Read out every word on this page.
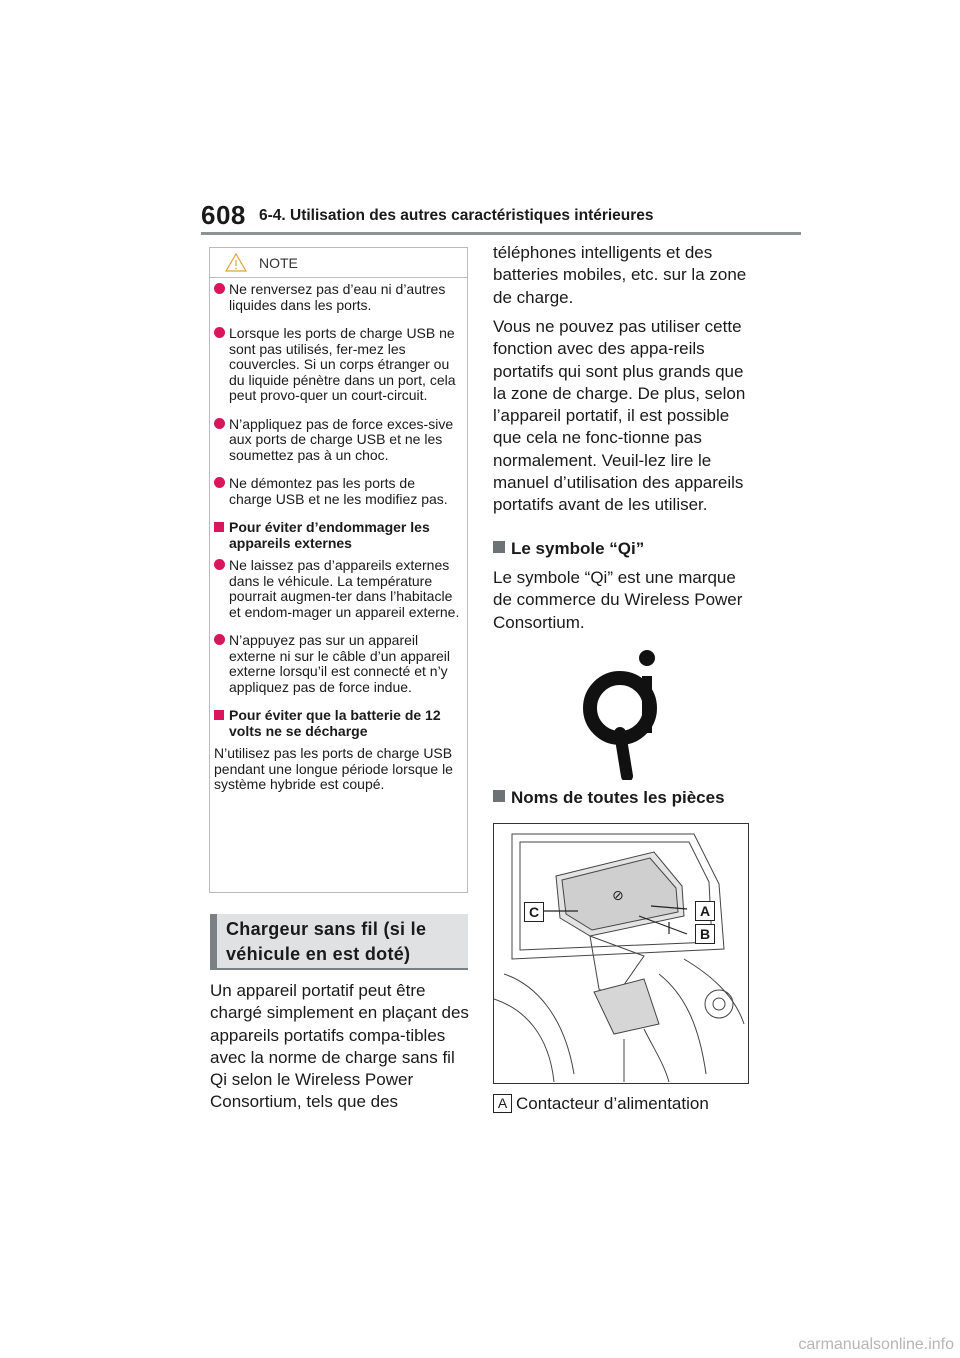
608 6-4. Utilisation des autres caractéristiques intérieures
NOTE
Ne renversez pas d’eau ni d’autres liquides dans les ports.
Lorsque les ports de charge USB ne sont pas utilisés, fer-mez les couvercles. Si un corps étranger ou du liquide pénètre dans un port, cela peut provo-quer un court-circuit.
N’appliquez pas de force exces-sive aux ports de charge USB et ne les soumettez pas à un choc.
Ne démontez pas les ports de charge USB et ne les modifiez pas.
Pour éviter d’endommager les appareils externes
Ne laissez pas d’appareils externes dans le véhicule. La température pourrait augmen-ter dans l’habitacle et endom-mager un appareil externe.
N’appuyez pas sur un appareil externe ni sur le câble d’un appareil externe lorsqu’il est connecté et n’y appliquez pas de force indue.
Pour éviter que la batterie de 12 volts ne se décharge
N’utilisez pas les ports de charge USB pendant une longue période lorsque le système hybride est coupé.
Chargeur sans fil (si le véhicule en est doté)
Un appareil portatif peut être chargé simplement en plaçant des appareils portatifs compa-tibles avec la norme de charge sans fil Qi selon le Wireless Power Consortium, tels que des
téléphones intelligents et des batteries mobiles, etc. sur la zone de charge.
Vous ne pouvez pas utiliser cette fonction avec des appa-reils portatifs qui sont plus grands que la zone de charge. De plus, selon l’appareil portatif, il est possible que cela ne fonc-tionne pas normalement. Veuil-lez lire le manuel d’utilisation des appareils portatifs avant de les utiliser.
Le symbole “Qi”
Le symbole “Qi” est une marque de commerce du Wireless Power Consortium.
Noms de toutes les pièces
⊘
C	A
B
A Contacteur d’alimentation
carmanualsonline.info
